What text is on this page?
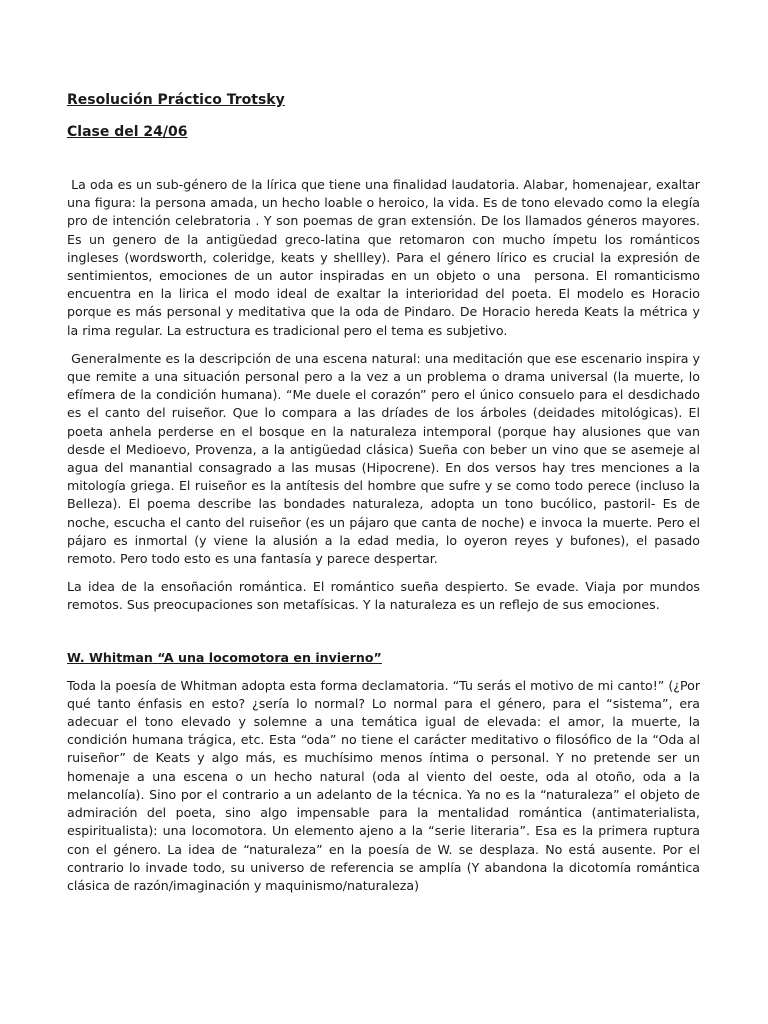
Resolución Práctico Trotsky
Clase del 24/06

La oda es un sub-género de la lírica que tiene una finalidad laudatoria. Alabar, homenajear, exaltar una figura: la persona amada, un hecho loable o heroico, la vida. Es de tono elevado como la elegía pro de intención celebratoria . Y son poemas de gran extensión. De los llamados géneros mayores. Es un genero de la antigüedad greco-latina que retomaron con mucho ímpetu los románticos ingleses (wordsworth, coleridge, keats y shellley). Para el género lírico es crucial la expresión de sentimientos, emociones de un autor inspiradas en un objeto o una  persona. El romanticismo encuentra en la lirica el modo ideal de exaltar la interioridad del poeta. El modelo es Horacio porque es más personal y meditativa que la oda de Pindaro. De Horacio hereda Keats la métrica y la rima regular. La estructura es tradicional pero el tema es subjetivo.

Generalmente es la descripción de una escena natural: una meditación que ese escenario inspira y que remite a una situación personal pero a la vez a un problema o drama universal (la muerte, lo efímera de la condición humana). “Me duele el corazón” pero el único consuelo para el desdichado es el canto del ruiseñor. Que lo compara a las dríades de los árboles (deidades mitológicas). El poeta anhela perderse en el bosque en la naturaleza intemporal (porque hay alusiones que van desde el Medioevo, Provenza, a la antigüedad clásica) Sueña con beber un vino que se asemeje al agua del manantial consagrado a las musas (Hipocrene). En dos versos hay tres menciones a la mitología griega. El ruiseñor es la antítesis del hombre que sufre y se como todo perece (incluso la Belleza). El poema describe las bondades naturaleza, adopta un tono bucólico, pastoril- Es de noche, escucha el canto del ruiseñor (es un pájaro que canta de noche) e invoca la muerte. Pero el pájaro es inmortal (y viene la alusión a la edad media, lo oyeron reyes y bufones), el pasado remoto. Pero todo esto es una fantasía y parece despertar.

La idea de la ensoñación romántica. El romántico sueña despierto. Se evade. Viaja por mundos remotos. Sus preocupaciones son metafísicas. Y la naturaleza es un reflejo de sus emociones.

W. Whitman “A una locomotora en invierno”

Toda la poesía de Whitman adopta esta forma declamatoria. “Tu serás el motivo de mi canto!” (¿Por qué tanto énfasis en esto? ¿sería lo normal? Lo normal para el género, para el “sistema”, era adecuar el tono elevado y solemne a una temática igual de elevada: el amor, la muerte, la condición humana trágica, etc. Esta “oda” no tiene el carácter meditativo o filosófico de la “Oda al ruiseñor” de Keats y algo más, es muchísimo menos íntima o personal. Y no pretende ser un homenaje a una escena o un hecho natural (oda al viento del oeste, oda al otoño, oda a la melancolía). Sino por el contrario a un adelanto de la técnica. Ya no es la “naturaleza” el objeto de admiración del poeta, sino algo impensable para la mentalidad romántica (antimaterialista, espiritualista): una locomotora. Un elemento ajeno a la “serie literaria”. Esa es la primera ruptura con el género. La idea de “naturaleza” en la poesía de W. se desplaza. No está ausente. Por el contrario lo invade todo, su universo de referencia se amplía (Y abandona la dicotomía romántica clásica de razón/imaginación y maquinismo/naturaleza)
